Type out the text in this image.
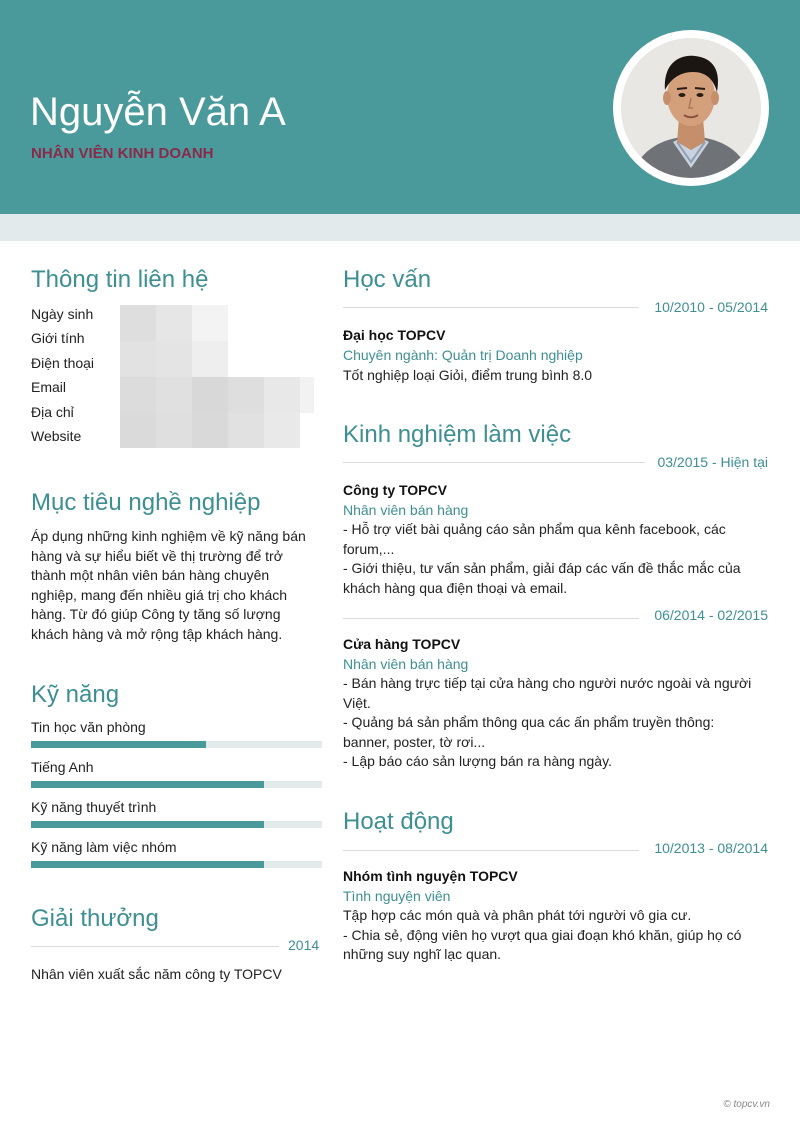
Nguyễn Văn A
NHÂN VIÊN KINH DOANH
Thông tin liên hệ
Ngày sinh
Giới tính
Điện thoại
Email
Địa chỉ
Website
Mục tiêu nghề nghiệp
Áp dụng những kinh nghiệm về kỹ năng bán
hàng và sự hiểu biết về thị trường để trở
thành một nhân viên bán hàng chuyên
nghiệp, mang đến nhiều giá trị cho khách
hàng. Từ đó giúp Công ty tăng số lượng
khách hàng và mở rộng tập khách hàng.
Kỹ năng
Tin học văn phòng
Tiếng Anh
Kỹ năng thuyết trình
Kỹ năng làm việc nhóm
Giải thưởng
2014
Nhân viên xuất sắc năm công ty TOPCV
Học vấn
10/2010 - 05/2014
Đại học TOPCV
Chuyên ngành: Quản trị Doanh nghiệp
Tốt nghiệp loại Giỏi, điểm trung bình 8.0
Kinh nghiệm làm việc
03/2015 - Hiện tại
Công ty TOPCV
Nhân viên bán hàng
- Hỗ trợ viết bài quảng cáo sản phẩm qua kênh facebook, các
forum,...
- Giới thiệu, tư vấn sản phẩm, giải đáp các vấn đề thắc mắc của
khách hàng qua điện thoại và email.
06/2014 - 02/2015
Cửa hàng TOPCV
Nhân viên bán hàng
- Bán hàng trực tiếp tại cửa hàng cho người nước ngoài và người
Việt.
- Quảng bá sản phẩm thông qua các ấn phẩm truyền thông:
banner, poster, tờ rơi...
- Lập báo cáo sản lượng bán ra hàng ngày.
Hoạt động
10/2013 - 08/2014
Nhóm tình nguyện TOPCV
Tình nguyện viên
Tập hợp các món quà và phân phát tới người vô gia cư.
- Chia sẻ, động viên họ vượt qua giai đoạn khó khăn, giúp họ có
những suy nghĩ lạc quan.
© topcv.vn
